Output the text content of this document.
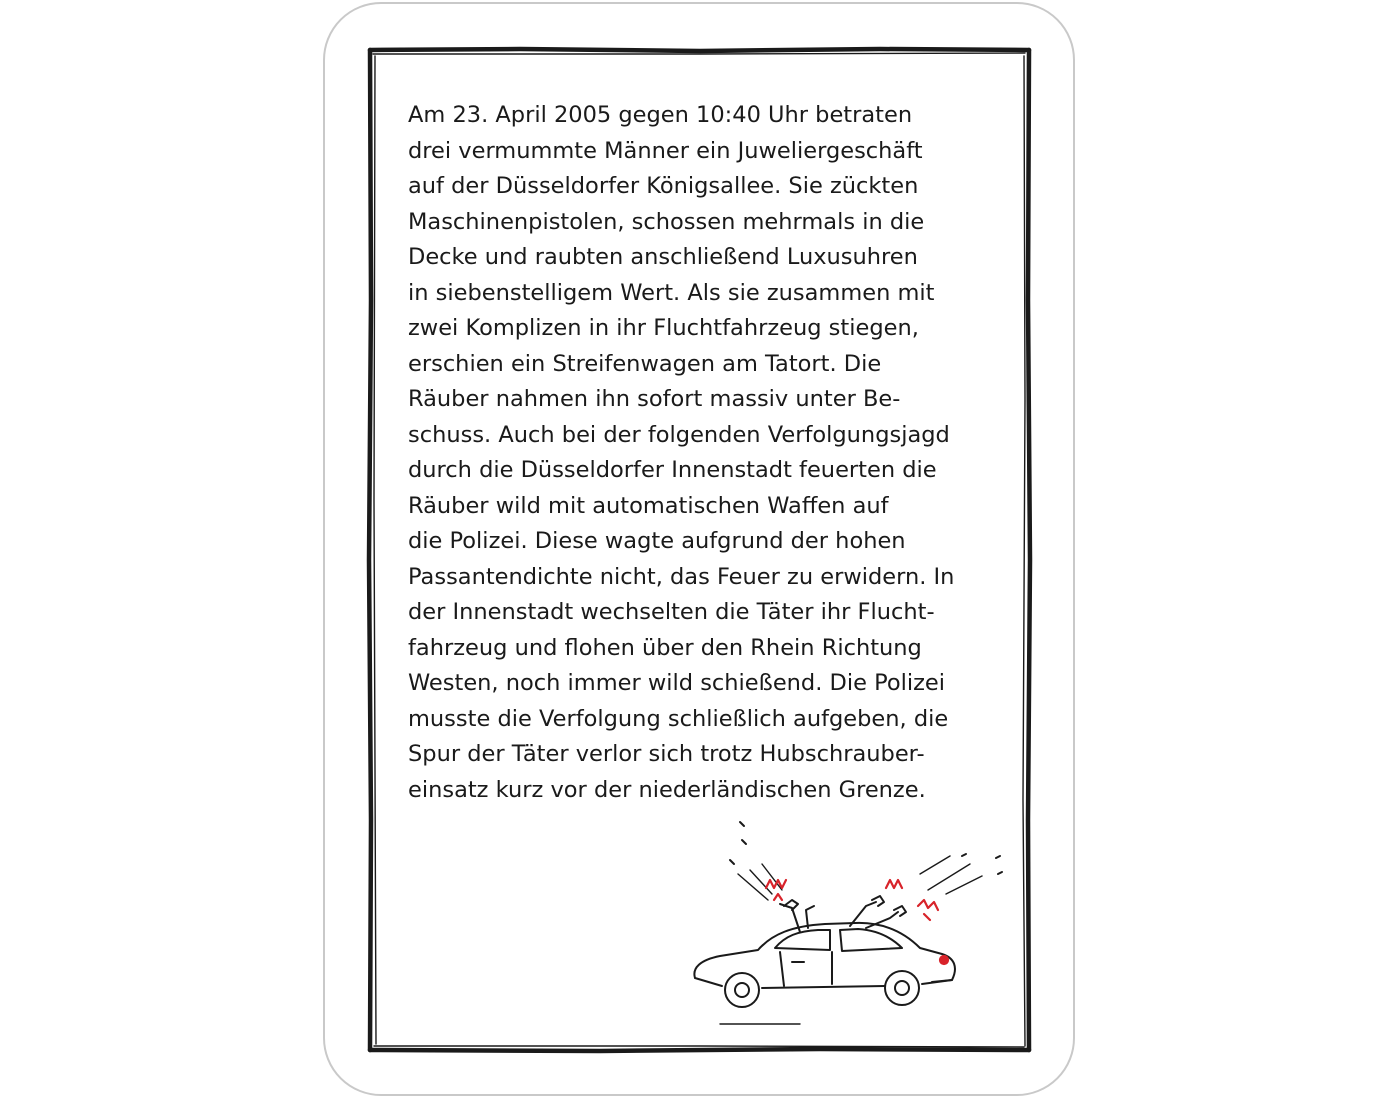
Am 23. April 2005 gegen 10:40 Uhr betraten
drei vermummte Männer ein Juweliergeschäft
auf der Düsseldorfer Königsallee. Sie zückten
Maschinenpistolen, schossen mehrmals in die
Decke und raubten anschließend Luxusuhren
in siebenstelligem Wert. Als sie zusammen mit
zwei Komplizen in ihr Fluchtfahrzeug stiegen,
erschien ein Streifenwagen am Tatort. Die
Räuber nahmen ihn sofort massiv unter Be-
schuss. Auch bei der folgenden Verfolgungsjagd
durch die Düsseldorfer Innenstadt feuerten die
Räuber wild mit automatischen Waffen auf
die Polizei. Diese wagte aufgrund der hohen
Passantendichte nicht, das Feuer zu erwidern. In
der Innenstadt wechselten die Täter ihr Flucht-
fahrzeug und flohen über den Rhein Richtung
Westen, noch immer wild schießend. Die Polizei
musste die Verfolgung schließlich aufgeben, die
Spur der Täter verlor sich trotz Hubschrauber-
einsatz kurz vor der niederländischen Grenze.
